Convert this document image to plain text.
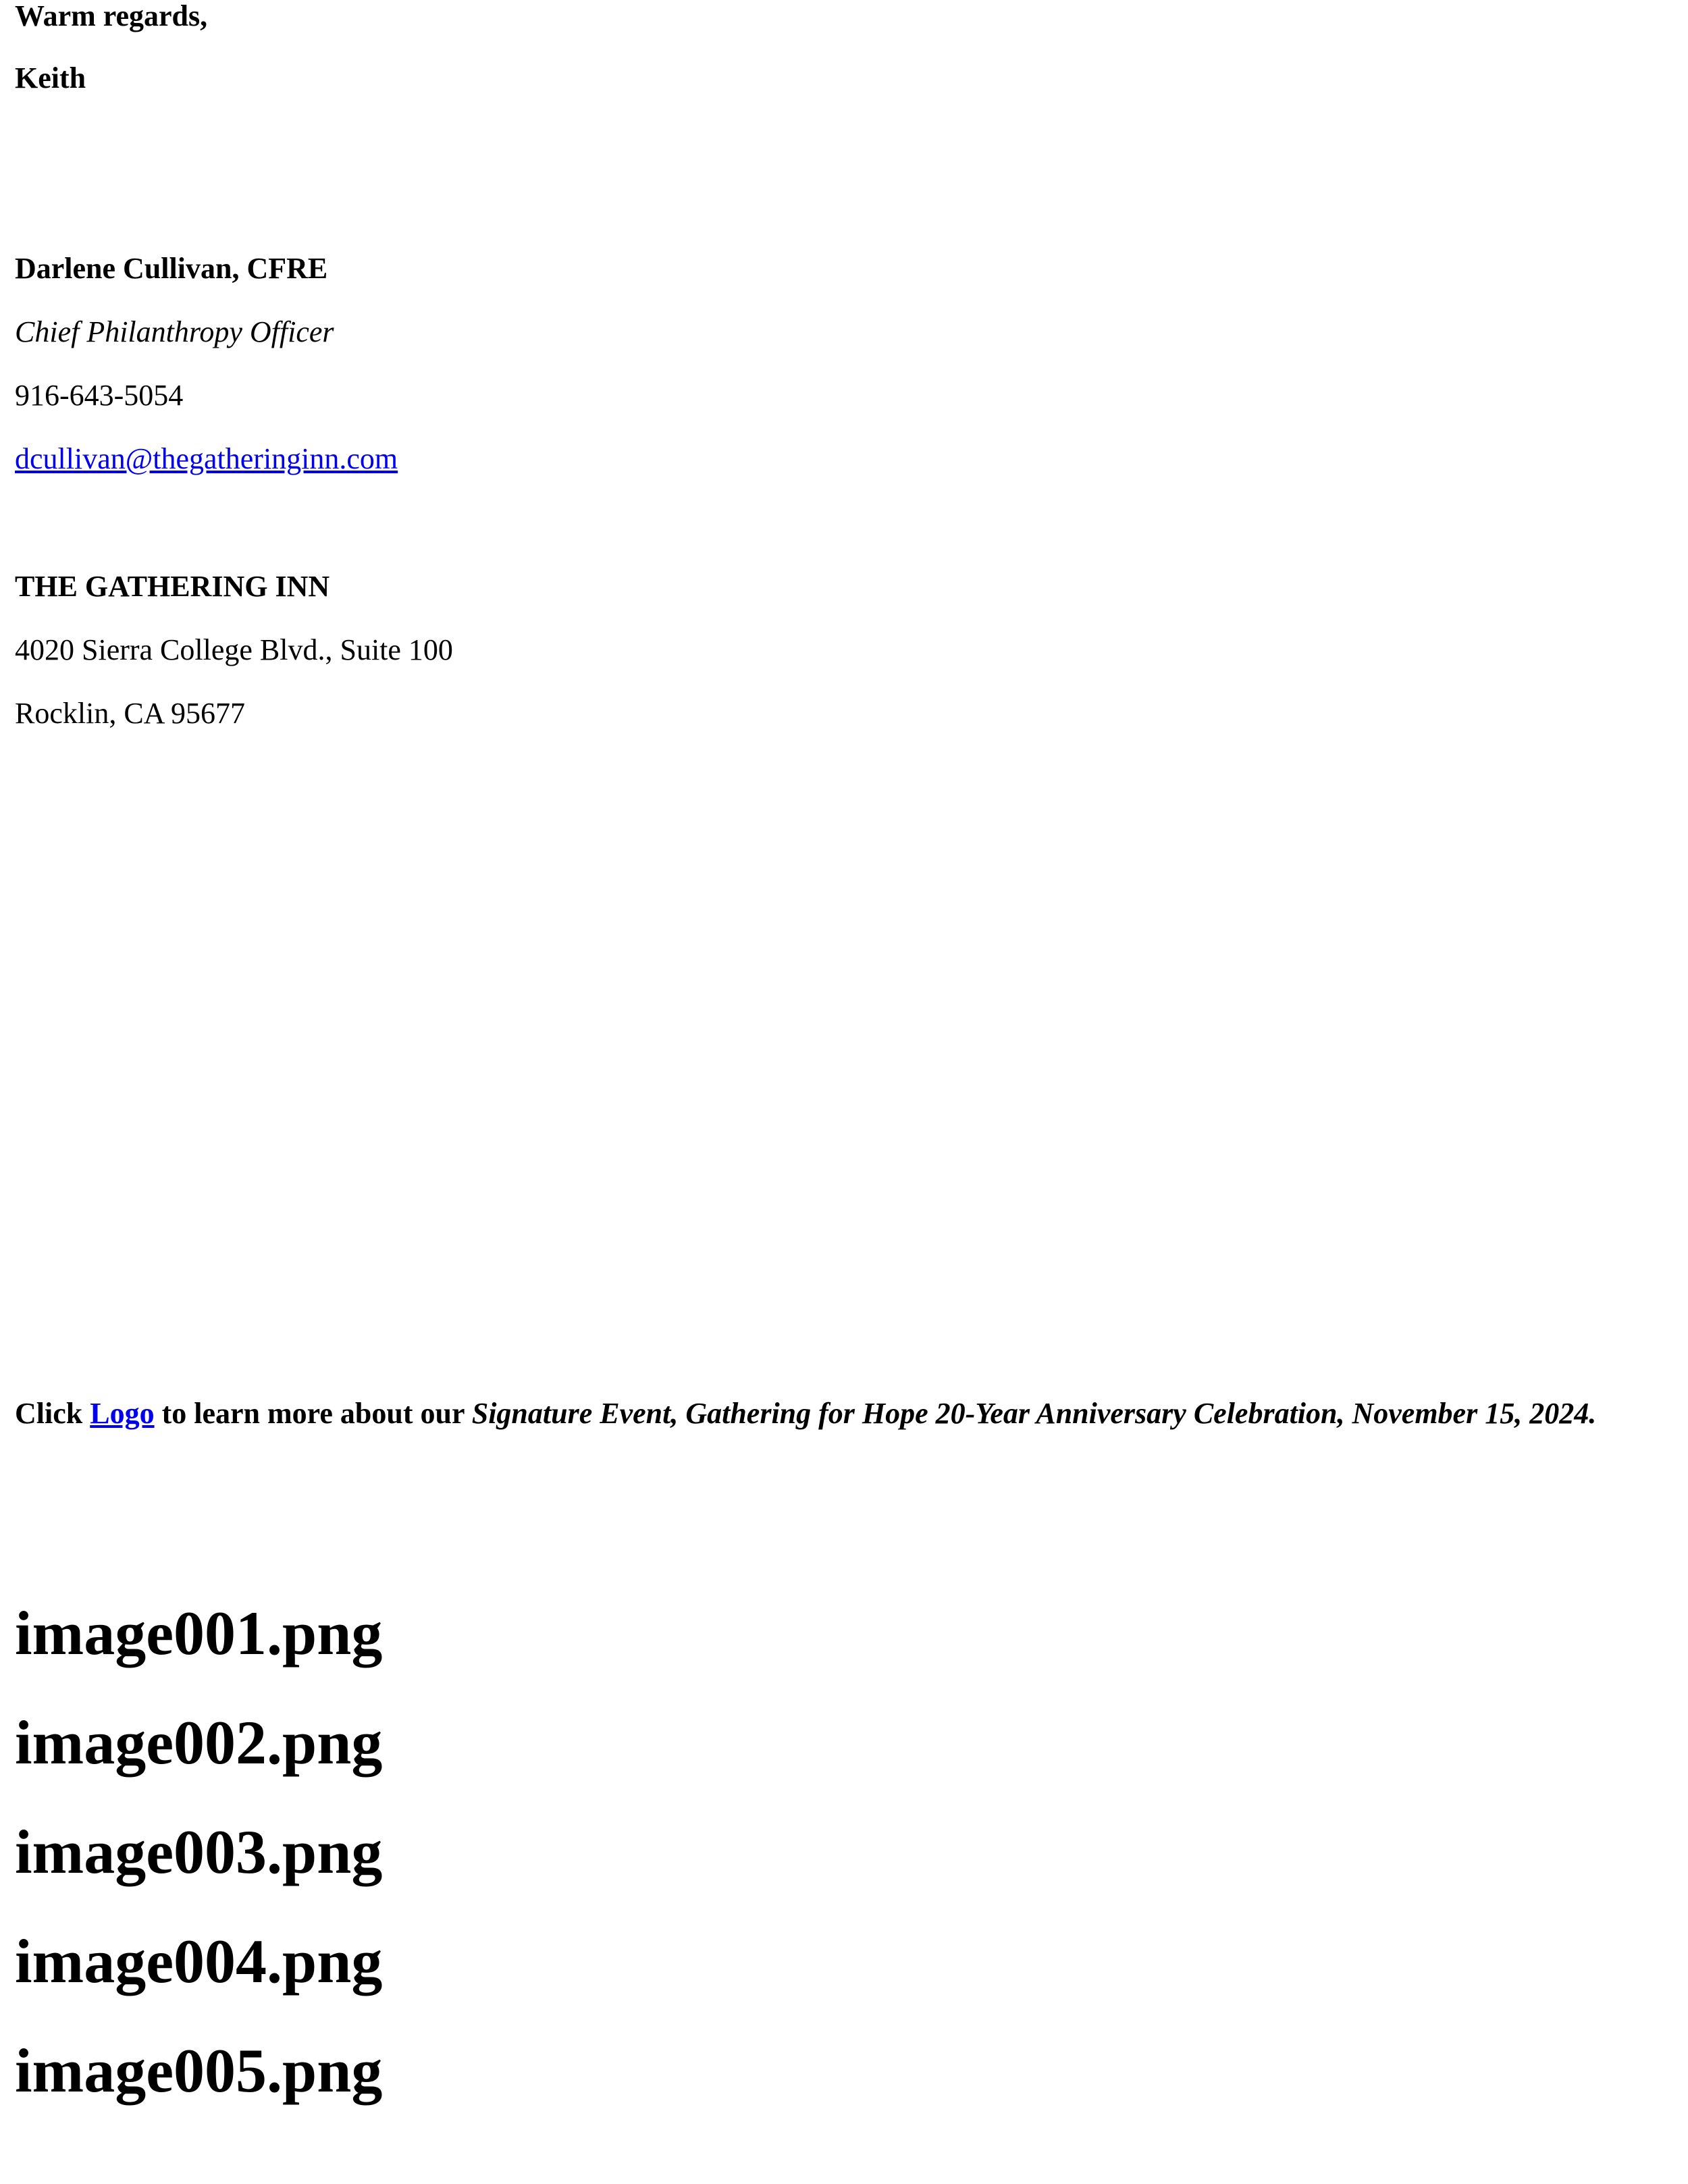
Warm regards,

Keith

Darlene Cullivan, CFRE

Chief Philanthropy Officer

916-643-5054

dcullivan@thegatheringinn.com

THE GATHERING INN

4020 Sierra College Blvd., Suite 100

Rocklin, CA 95677

Click Logo to learn more about our Signature Event, Gathering for Hope 20-Year Anniversary Celebration, November 15, 2024.

image001.png

image002.png

image003.png

image004.png

image005.png
